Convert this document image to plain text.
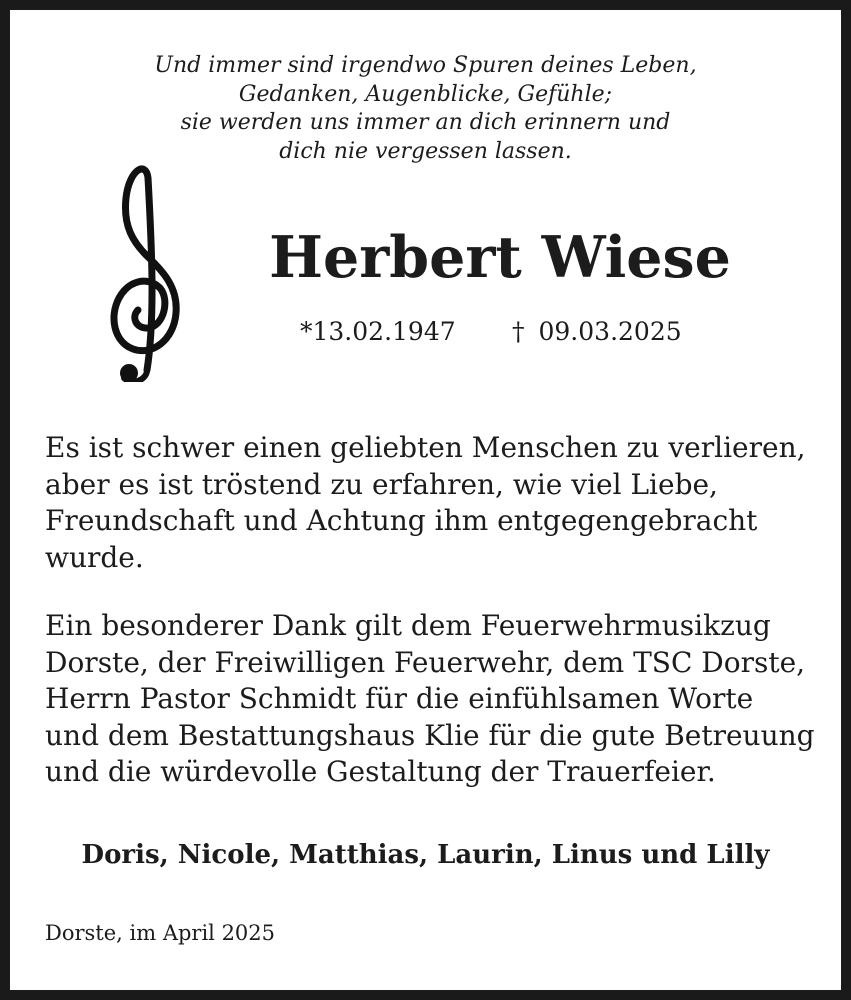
Und immer sind irgendwo Spuren deines Leben,
Gedanken, Augenblicke, Gefühle;
sie werden uns immer an dich erinnern und
dich nie vergessen lassen.
Herbert Wiese
*13.02.1947 † 09.03.2025
Es ist schwer einen geliebten Menschen zu verlieren,
aber es ist tröstend zu erfahren, wie viel Liebe,
Freundschaft und Achtung ihm entgegengebracht
wurde.
Ein besonderer Dank gilt dem Feuerwehrmusikzug
Dorste, der Freiwilligen Feuerwehr, dem TSC Dorste,
Herrn Pastor Schmidt für die einfühlsamen Worte
und dem Bestattungshaus Klie für die gute Betreuung
und die würdevolle Gestaltung der Trauerfeier.
Doris, Nicole, Matthias, Laurin, Linus und Lilly
Dorste, im April 2025
